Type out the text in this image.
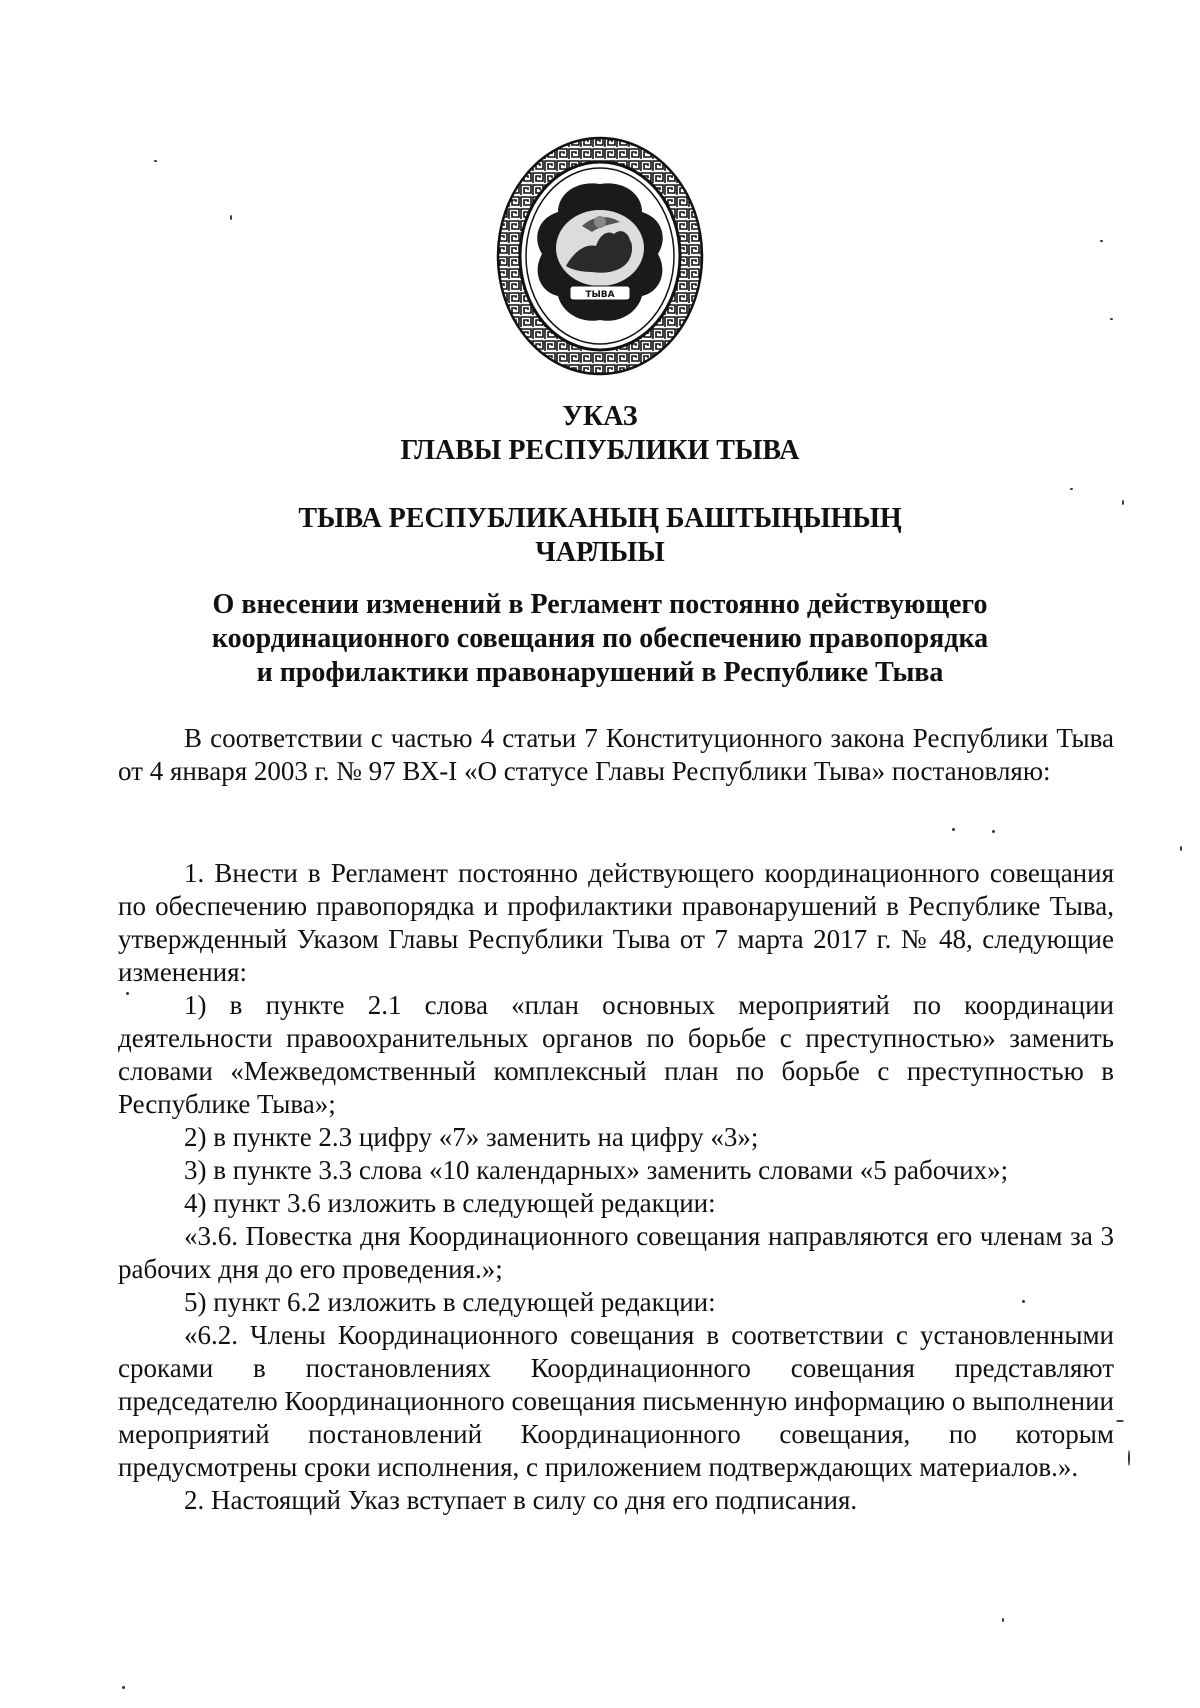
ТЫВА
УКАЗ
ГЛАВЫ РЕСПУБЛИКИ ТЫВА
ТЫВА РЕСПУБЛИКАНЫҢ БАШТЫҢЫНЫҢ
ЧАРЛЫЫ
О внесении изменений в Регламент постоянно действующего
координационного совещания по обеспечению правопорядка
и профилактики правонарушений в Республике Тыва

В соответствии с частью 4 статьи 7 Конституционного закона Республики Тыва от 4 января 2003 г. № 97 ВХ-I «О статусе Главы Республики Тыва» постановляю:

1. Внести в Регламент постоянно действующего координационного совещания по обеспечению правопорядка и профилактики правонарушений в Республике Тыва, утвержденный Указом Главы Республики Тыва от 7 марта 2017 г. № 48, следующие изменения:

1) в пункте 2.1 слова «план основных мероприятий по координации деятельности правоохранительных органов по борьбе с преступностью» заменить словами «Межведомственный комплексный план по борьбе с преступностью в Республике Тыва»;

2) в пункте 2.3 цифру «7» заменить на цифру «3»;

3) в пункте 3.3 слова «10 календарных» заменить словами «5 рабочих»;

4) пункт 3.6 изложить в следующей редакции:

«3.6. Повестка дня Координационного совещания направляются его членам за 3 рабочих дня до его проведения.»;

5) пункт 6.2 изложить в следующей редакции:

«6.2. Члены Координационного совещания в соответствии с установленными сроками в постановлениях Координационного совещания представляют председателю Координационного совещания письменную информацию о выполнении мероприятий постановлений Координационного совещания, по которым предусмотрены сроки исполнения, с приложением подтверждающих материалов.».

2. Настоящий Указ вступает в силу со дня его подписания.
